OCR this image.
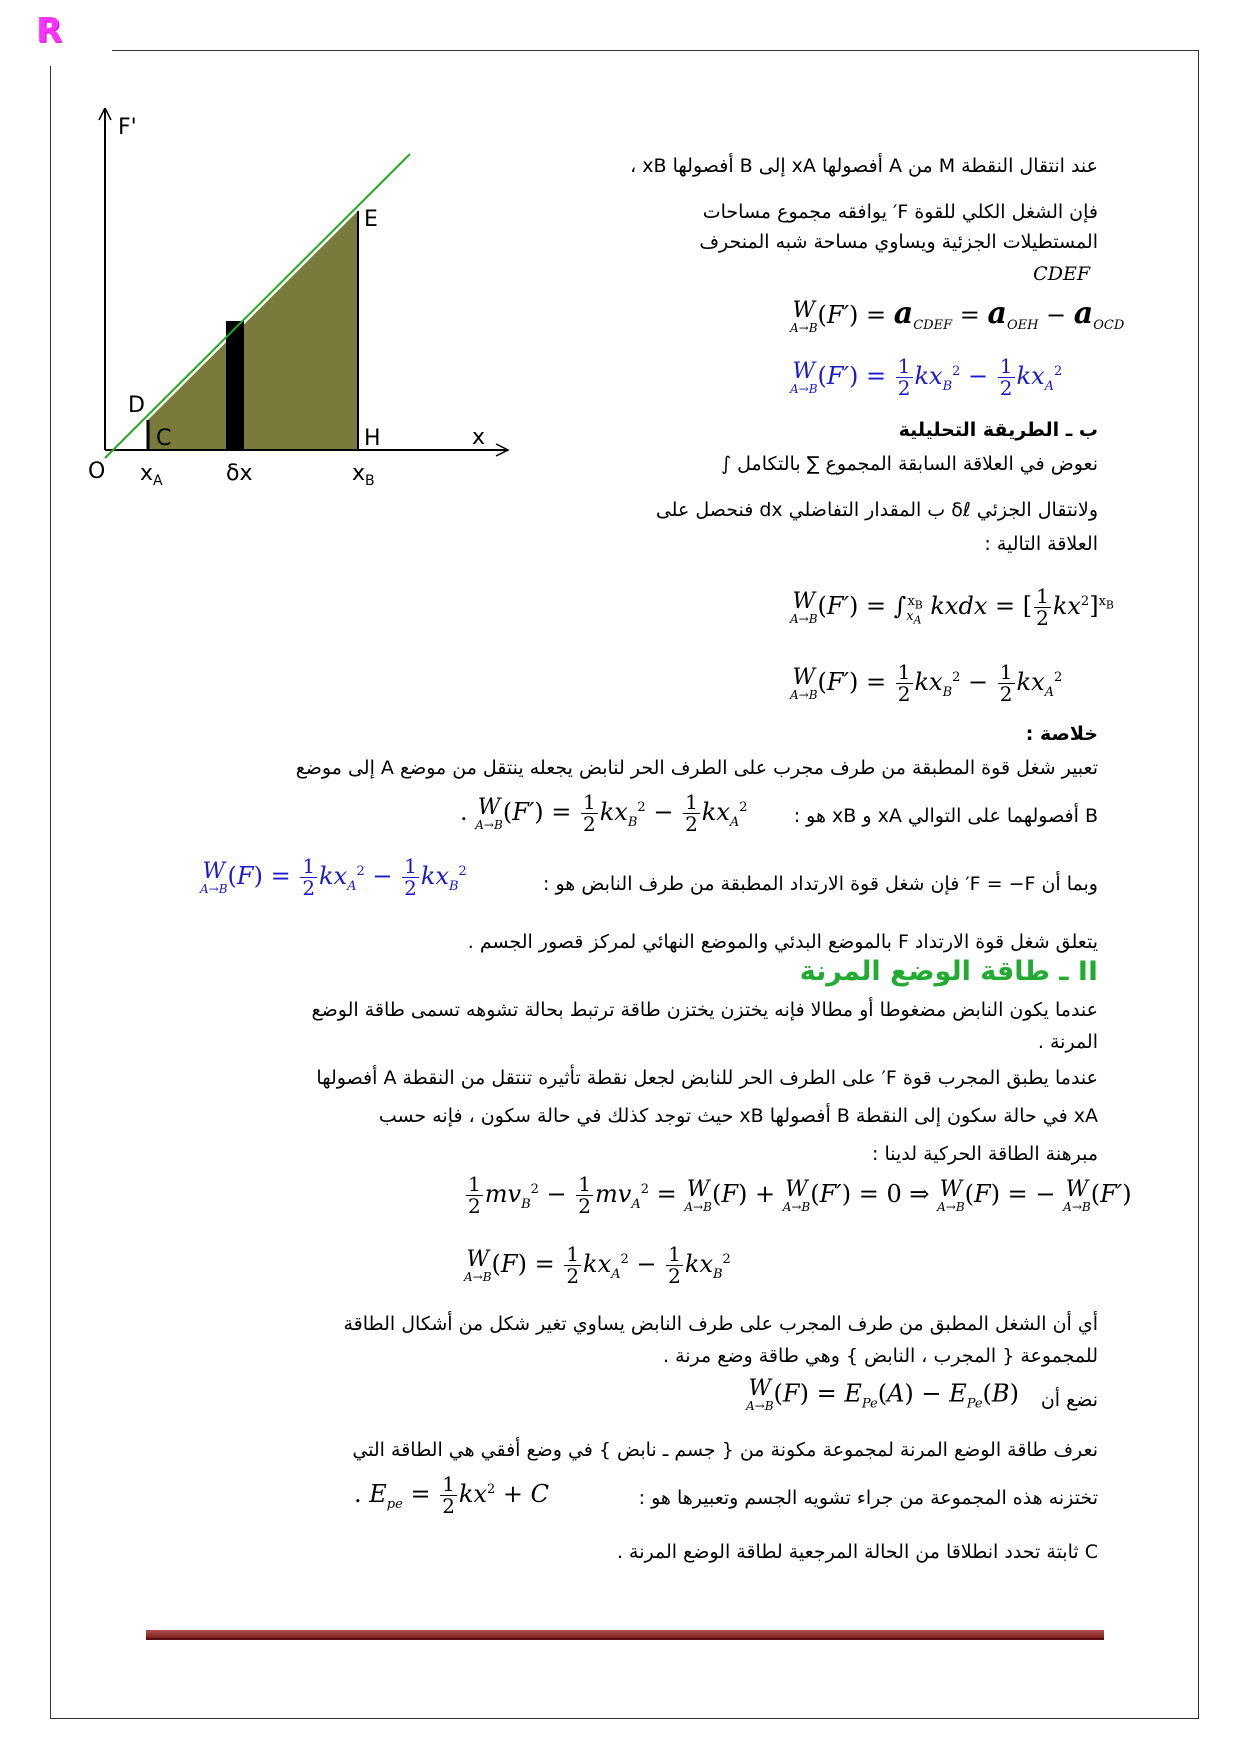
R
F'
x
O
C
D
E
H
$x_A$	δx	$x_B$
عند انتقال النقطة M من A أفصولها xA إلى B أفصولها xB ،
فإن الشغل الكلي للقوة F′ يوافقه مجموع مساحات
المستطيلات الجزئية ويساوي مساحة شبه المنحرف
CDEF
W
A→B $(F') = a_{CDEF} = a_{OEH} - a_{OCD}$
W
A→B $(F') = \frac{1}{2} kx_B^2 - \frac{1}{2} kx_A^2$
ب ـ الطريقة التحليلية
نعوض في العلاقة السابقة المجموع ∑ بالتكامل ∫
ولانتقال الجزئي δℓ ب المقدار التفاضلي dx فنحصل على
العلاقة التالية :
W
A→B $(F') = \int_{x_A}^{x_B}$ kxdx = [ $\frac{1}{2} kx^2]^{x_B}$
W
A→B $(F') = \frac{1}{2} kx_B^2 - \frac{1}{2} kx_A^2$
خلاصة :
تعبير شغل قوة المطبقة من طرف مجرب على الطرف الحر لنابض يجعله ينتقل من موضع A إلى موضع
B أفصولهما على التوالي xA و xB هو :
. W
A→B $(F') = \frac{1}{2} kx_B^2 - \frac{1}{2} kx_A^2$
وبما أن F = −F′ فإن شغل قوة الارتداد المطبقة من طرف النابض هو :
W
A→B $(F) = \frac{1}{2} kx_A^2 - \frac{1}{2} kx_B^2$
يتعلق شغل قوة الارتداد F بالموضع البدئي والموضع النهائي لمركز قصور الجسم .
II ـ طاقة الوضع المرنة
عندما يكون النابض مضغوطا أو مطالا فإنه يختزن يختزن طاقة ترتبط بحالة تشوهه تسمى طاقة الوضع
المرنة .
عندما يطبق المجرب قوة F′ على الطرف الحر للنابض لجعل نقطة تأثيره تنتقل من النقطة A أفصولها
xA في حالة سكون إلى النقطة B أفصولها xB حيث توجد كذلك في حالة سكون ، فإنه حسب
مبرهنة الطاقة الحركية لدينا :
$\frac{1}{2} mv_B^2 - \frac{1}{2} mv_A^2 = W$
A→B (F) + W
A→B (F′) = 0 ⇒ W
A→B (F) = − W
A→B (F′)
W
A→B $(F) = \frac{1}{2} kx_A^2 - \frac{1}{2} kx_B^2$
أي أن الشغل المطبق من طرف المجرب على طرف النابض يساوي تغير شكل من أشكال الطاقة
للمجموعة { المجرب ، النابض } وهي طاقة وضع مرنة .
نضع أن
W
A→B $(F) = E_{Pe}(A) - E_{Pe}(B)$
نعرف طاقة الوضع المرنة لمجموعة مكونة من { جسم ـ نابض } في وضع أفقي هي الطاقة التي
تختزنه هذه المجموعة من جراء تشويه الجسم وتعبيرها هو :
. $E_{pe} = \frac{1}{2} kx^2 + C$
C ثابتة تحدد انطلاقا من الحالة المرجعية لطاقة الوضع المرنة .
